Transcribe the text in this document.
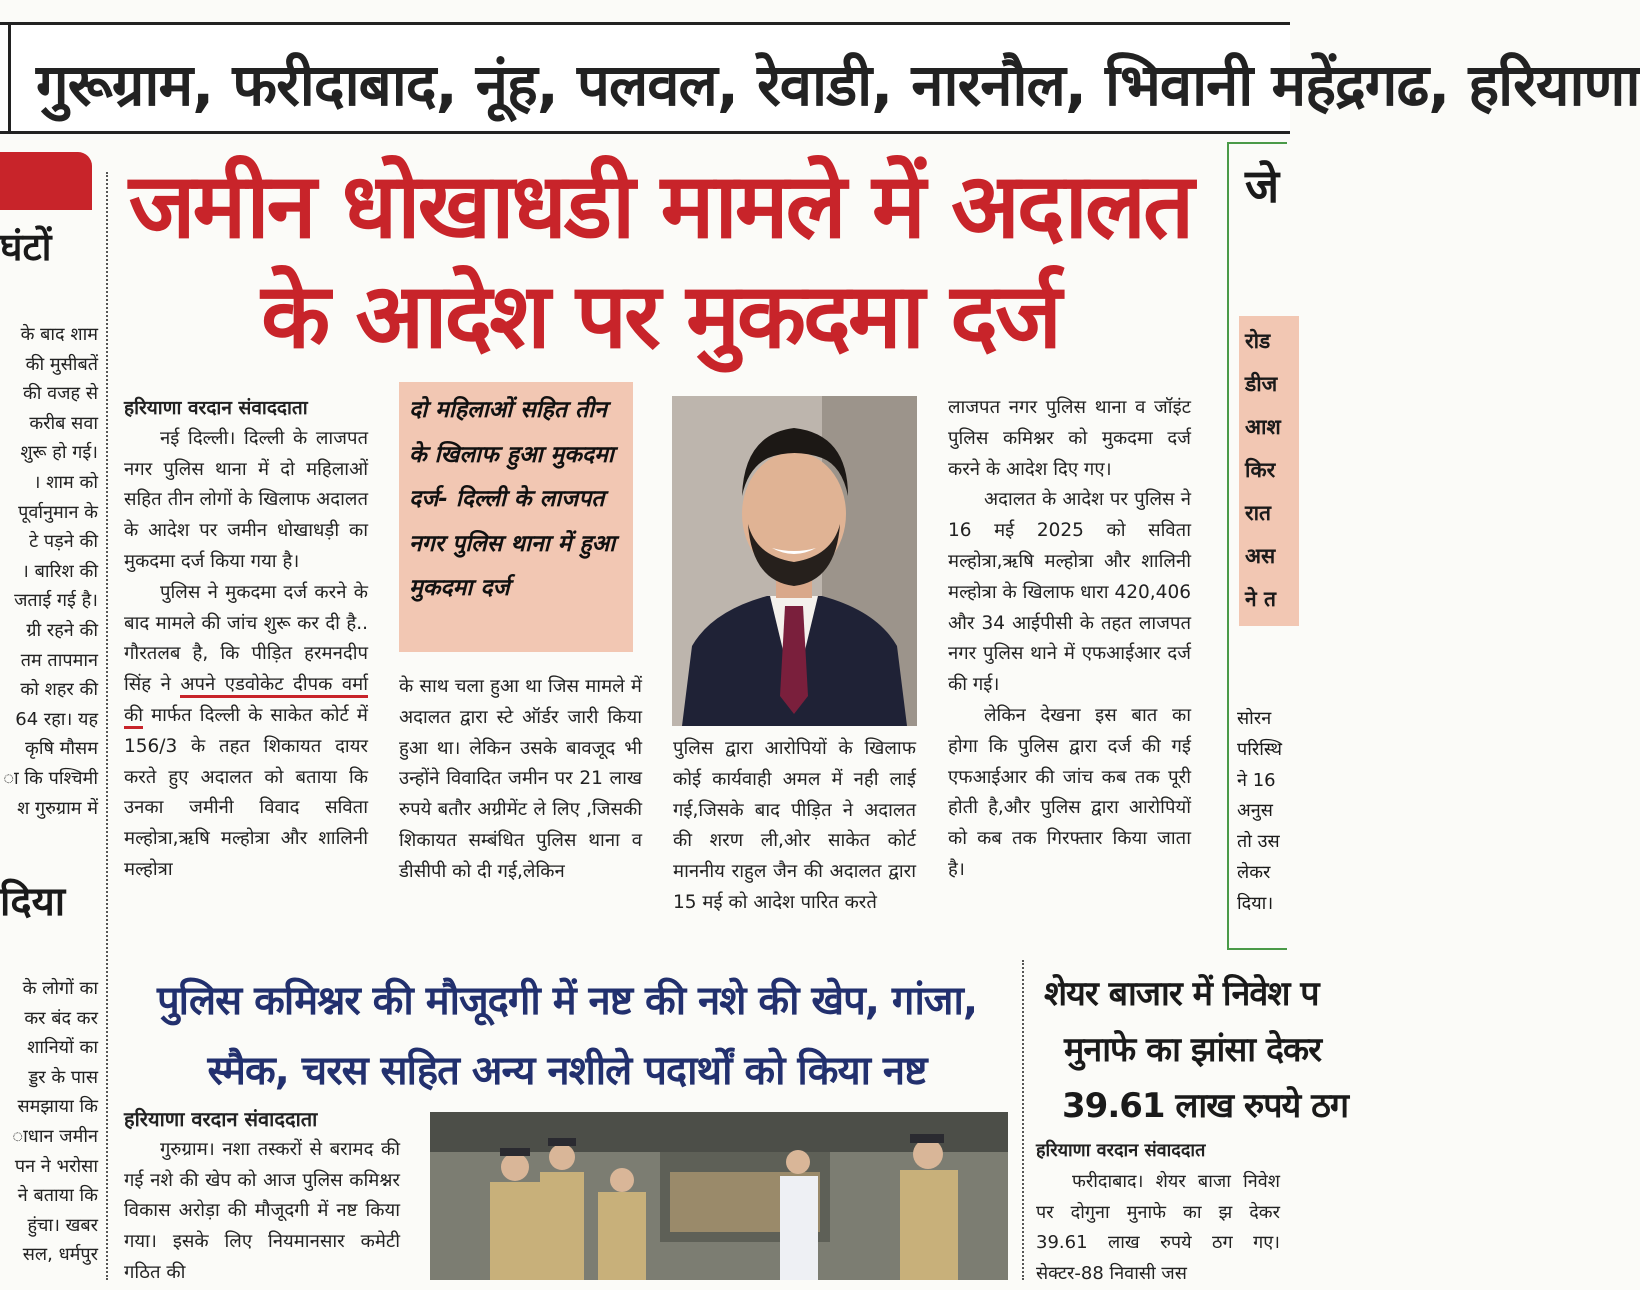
गुरूग्राम, फरीदाबाद, नूंह, पलवल, रेवाडी, नारनौल, भिवानी महेंद्रगढ, हरियाणा
घंटों
के बाद शाम
की मुसीबतें
की वजह से
करीब सवा
शुरू हो गई।
। शाम को
पूर्वानुमान के
टे पड़ने की
। बारिश की
जताई गई है।
ग्री रहने की
तम तापमान
को शहर की
64 रहा। यह
कृषि मौसम
ा कि पश्चिमी
श गुरुग्राम में
दिया
के लोगों का
कर बंद कर
शानियों का
ड्डर के पास
समझाया कि
ाधान जमीन
पन ने भरोसा
ने बताया कि
हुंचा। खबर
सल, धर्मपुर
जमीन धोखाधडी मामले में अदालत
के आदेश पर मुकदमा दर्ज

हरियाणा वरदान संवाददाता

नई दिल्ली। दिल्ली के लाजपत नगर पुलिस थाना में दो महिलाओं सहित तीन लोगों के खिलाफ अदालत के आदेश पर जमीन धोखाधड़ी का मुकदमा दर्ज किया गया है।

पुलिस ने मुकदमा दर्ज करने के बाद मामले की जांच शुरू कर दी है.. गौरतलब है, कि पीड़ित हरमनदीप सिंह ने अपने एडवोकेट दीपक वर्मा की मार्फत दिल्ली के साकेत कोर्ट में 156/3 के तहत शिकायत दायर करते हुए अदालत को बताया कि उनका जमीनी विवाद सविता मल्होत्रा,ऋषि मल्होत्रा और शालिनी मल्होत्रा

दो महिलाओं सहित तीन के खिलाफ हुआ मुकदमा दर्ज- दिल्ली के लाजपत नगर पुलिस थाना में हुआ मुकदमा दर्ज
के साथ चला हुआ था जिस मामले में अदालत द्वारा स्टे ऑर्डर जारी किया हुआ था। लेकिन उसके बावजूद भी उन्होंने विवादित जमीन पर 21 लाख रुपये बतौर अग्रीमेंट ले लिए ,जिसकी शिकायत सम्बंधित पुलिस थाना व डीसीपी को दी गई,लेकिन
पुलिस द्वारा आरोपियों के खिलाफ कोई कार्यवाही अमल में नही लाई गई,जिसके बाद पीड़ित ने अदालत की शरण ली,ओर साकेत कोर्ट माननीय राहुल जैन की अदालत द्वारा 15 मई को आदेश पारित करते

लाजपत नगर पुलिस थाना व जॉइंट पुलिस कमिश्नर को मुकदमा दर्ज करने के आदेश दिए गए।

अदालत के आदेश पर पुलिस ने 16 मई 2025 को सविता मल्होत्रा,ऋषि मल्होत्रा और शालिनी मल्होत्रा के खिलाफ धारा 420,406 और 34 आईपीसी के तहत लाजपत नगर पुलिस थाने में एफआईआर दर्ज की गई।

लेकिन देखना इस बात का होगा कि पुलिस द्वारा दर्ज की गई एफआईआर की जांच कब तक पूरी होती है,और पुलिस द्वारा आरोपियों को कब तक गिरफ्तार किया जाता है।

जे
रोड
डीज
आश
किर
रात
अस
ने त
सोरन
परिस्थि
ने 16
अनुस
तो उस
लेकर
दिया।
पुलिस कमिश्नर की मौजूदगी में नष्ट की नशे की खेप, गांजा,
स्मैक, चरस सहित अन्य नशीले पदार्थों को किया नष्ट

हरियाणा वरदान संवाददाता

गुरुग्राम। नशा तस्करों से बरामद की गई नशे की खेप को आज पुलिस कमिश्नर विकास अरोड़ा की मौजूदगी में नष्ट किया गया। इसके लिए नियमानसार कमेटी गठित की

शेयर बाजार में निवेश प
मुनाफे का झांसा देकर
39.61 लाख रुपये ठग

हरियाणा वरदान संवाददात

फरीदाबाद। शेयर बाजा निवेश पर दोगुना मुनाफे का झ देकर 39.61 लाख रुपये ठग गए। सेक्टर-88 निवासी जस
